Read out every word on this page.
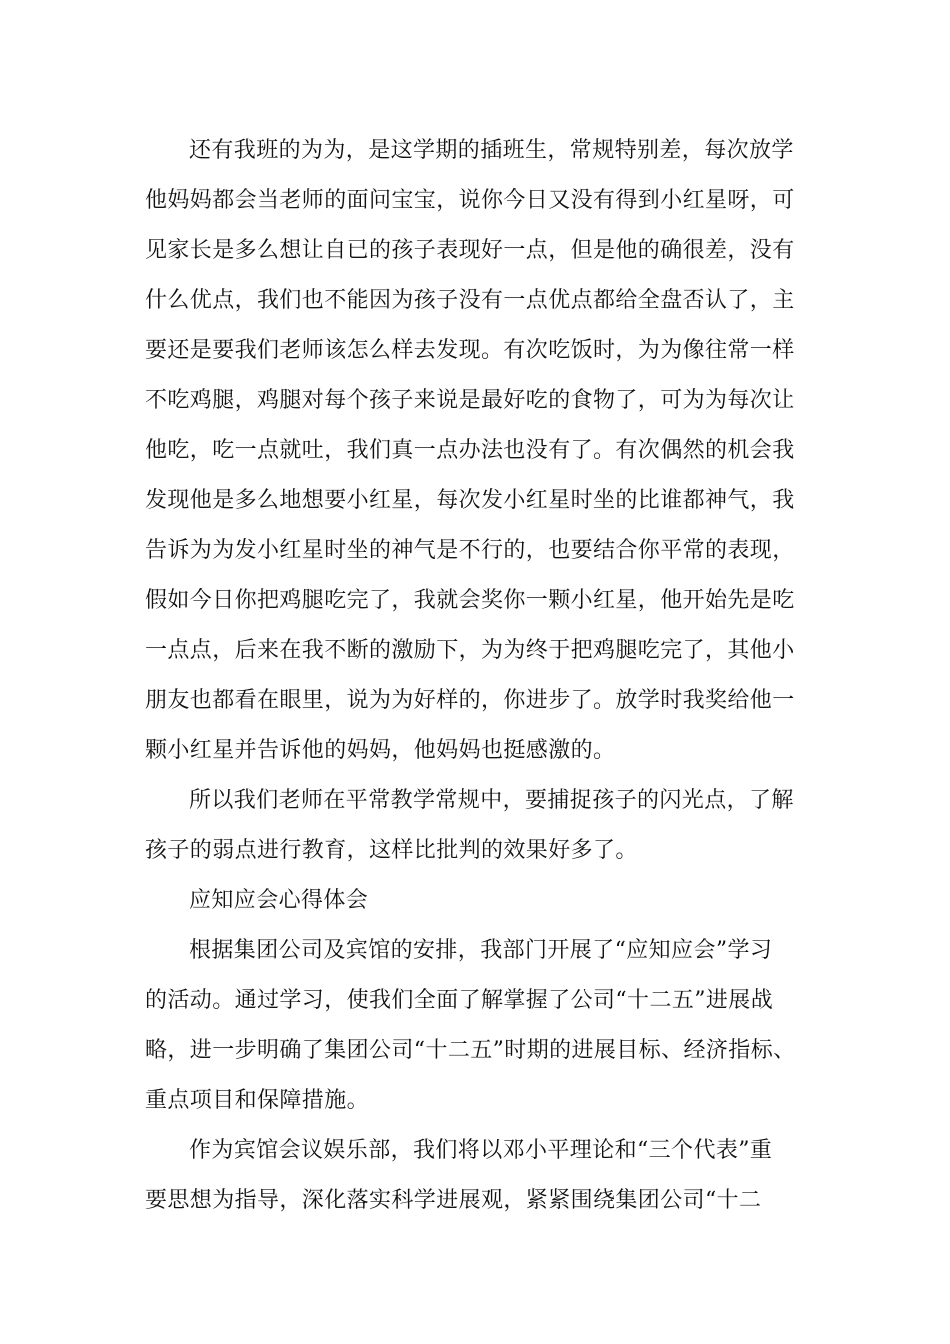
还有我班的为为，是这学期的插班生，常规特别差，每次放学
他妈妈都会当老师的面问宝宝，说你今日又没有得到小红星呀，可
见家长是多么想让自已的孩子表现好一点，但是他的确很差，没有
什么优点，我们也不能因为孩子没有一点优点都给全盘否认了，主
要还是要我们老师该怎么样去发现。有次吃饭时，为为像往常一样
不吃鸡腿，鸡腿对每个孩子来说是最好吃的食物了，可为为每次让
他吃，吃一点就吐，我们真一点办法也没有了。有次偶然的机会我
发现他是多么地想要小红星，每次发小红星时坐的比谁都神气，我
告诉为为发小红星时坐的神气是不行的，也要结合你平常的表现，
假如今日你把鸡腿吃完了，我就会奖你一颗小红星，他开始先是吃
一点点，后来在我不断的激励下，为为终于把鸡腿吃完了，其他小
朋友也都看在眼里，说为为好样的，你进步了。放学时我奖给他一
颗小红星并告诉他的妈妈，他妈妈也挺感激的。
所以我们老师在平常教学常规中，要捕捉孩子的闪光点，了解
孩子的弱点进行教育，这样比批判的效果好多了。
应知应会心得体会
根据集团公司及宾馆的安排，我部门开展了“应知应会”学习
的活动。通过学习，使我们全面了解掌握了公司“十二五”进展战
略，进一步明确了集团公司“十二五”时期的进展目标、经济指标、
重点项目和保障措施。
作为宾馆会议娱乐部，我们将以邓小平理论和“三个代表”重
要思想为指导，深化落实科学进展观，紧紧围绕集团公司“十二
